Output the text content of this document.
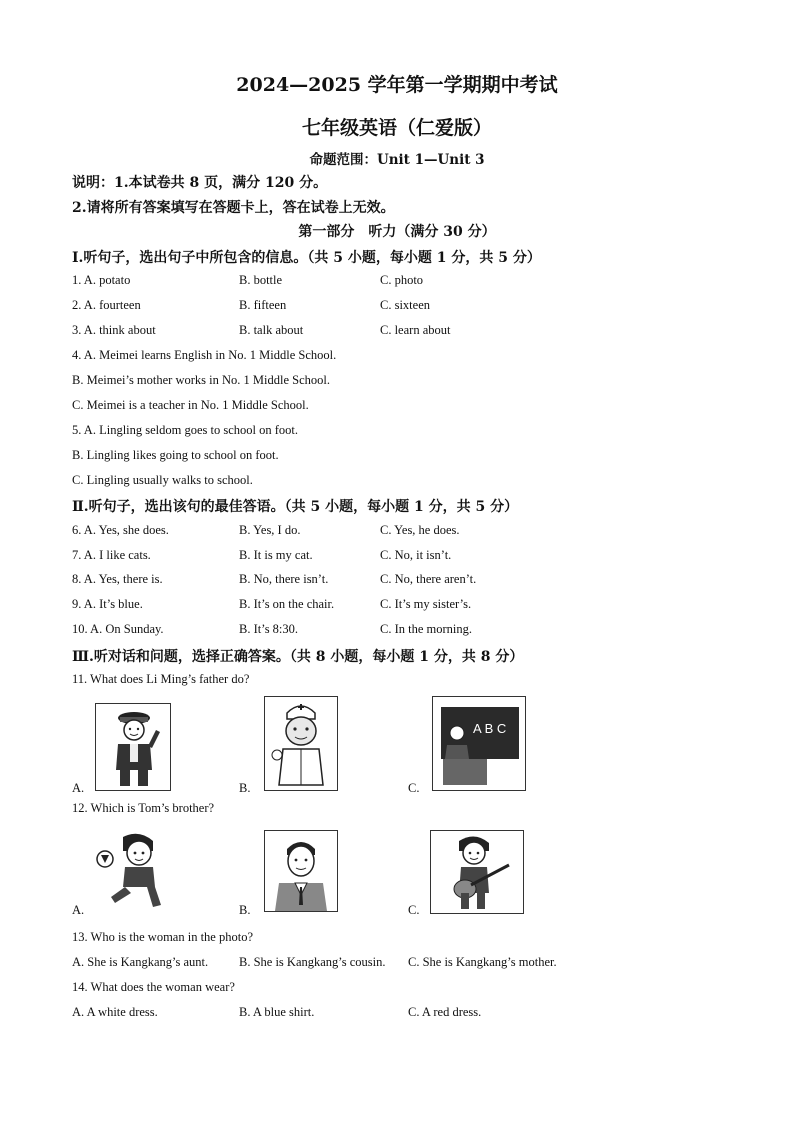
2024—2025 学年第一学期期中考试
七年级英语（仁爱版）
命题范围：Unit 1—Unit 3
说明：1.本试卷共 8 页，满分 120 分。
2.请将所有答案填写在答题卡上，答在试卷上无效。
第一部分　听力（满分 30 分）
Ⅰ.听句子，选出句子中所包含的信息。（共 5 小题，每小题 1 分，共 5 分）
1. A. potato	B. bottle	C. photo
2. A. fourteen	B. fifteen	C. sixteen
3. A. think about	B. talk about	C. learn about
4. A. Meimei learns English in No. 1 Middle School.
B. Meimei’s mother works in No. 1 Middle School.
C. Meimei is a teacher in No. 1 Middle School.
5. A. Lingling seldom goes to school on foot.
B. Lingling likes going to school on foot.
C. Lingling usually walks to school.
Ⅱ.听句子，选出该句的最佳答语。（共 5 小题，每小题 1 分，共 5 分）
6. A. Yes, she does.	B. Yes, I do.	C. Yes, he does.
7. A. I like cats.	B. It is my cat.	C. No, it isn’t.
8. A. Yes, there is.	B. No, there isn’t.	C. No, there aren’t.
9. A. It’s blue.	B. It’s on the chair.	C. It’s my sister’s.
10. A. On Sunday.	B. It’s 8:30.	C. In the morning.
Ⅲ.听对话和问题，选择正确答案。（共 8 小题，每小题 1 分，共 8 分）
11. What does Li Ming’s father do?
A.	B.
A B C
C.
12. Which is Tom’s brother?
A.	B.	C.
13. Who is the woman in the photo?
A. She is Kangkang’s aunt. B. She is Kangkang’s cousin. C. She is Kangkang’s mother.
14. What does the woman wear?
A. A white dress.	B. A blue shirt.	C. A red dress.
